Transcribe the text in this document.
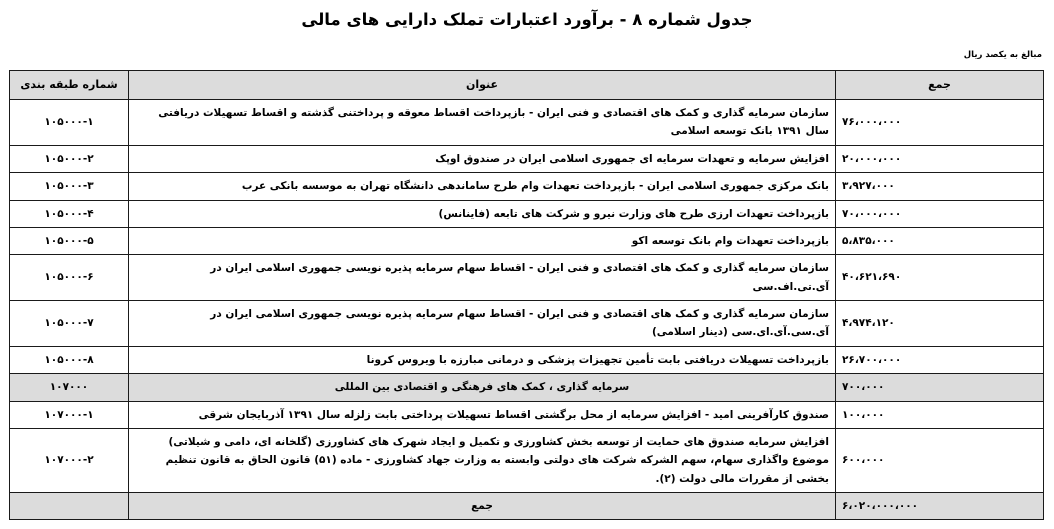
جدول شماره ۸ - برآورد اعتبارات تملک دارایی های مالی
مبالغ به یکصد ریال
جمع	عنوان	شماره طبقه بندی
۷۶،۰۰۰،۰۰۰	سازمان سرمایه گذاری و کمک های اقتصادی و فنی ایران - بازپرداخت اقساط معوقه و پرداختنی گذشته و اقساط تسهیلات دریافتی سال ۱۳۹۱ بانک توسعه اسلامی	۱۰۵۰۰۰-۱
۲۰،۰۰۰،۰۰۰	افزایش سرمایه و تعهدات سرمایه ای جمهوری اسلامی ایران در صندوق اوپک	۱۰۵۰۰۰-۲
۳،۹۲۷،۰۰۰	بانک مرکزی جمهوری اسلامی ایران - بازپرداخت تعهدات وام طرح ساماندهی دانشگاه تهران به موسسه بانکی عرب	۱۰۵۰۰۰-۳
۷۰،۰۰۰،۰۰۰	بازپرداخت تعهدات ارزی طرح های وزارت نیرو و شرکت های تابعه (فاینانس)	۱۰۵۰۰۰-۴
۵،۸۳۵،۰۰۰	بازپرداخت تعهدات وام بانک توسعه اکو	۱۰۵۰۰۰-۵
۴۰،۶۲۱،۶۹۰	سازمان سرمایه گذاری و کمک های اقتصادی و فنی ایران - اقساط سهام سرمایه پذیره نویسی جمهوری اسلامی ایران در آی.تی.اف.سی	۱۰۵۰۰۰-۶
۴،۹۷۴،۱۲۰	سازمان سرمایه گذاری و کمک های اقتصادی و فنی ایران - اقساط سهام سرمایه پذیره نویسی جمهوری اسلامی ایران در آی.سی.آی.ای.سی (دینار اسلامی)	۱۰۵۰۰۰-۷
۲۶،۷۰۰،۰۰۰	بازپرداخت تسهیلات دریافتی بابت تأمین تجهیزات پزشکی و درمانی مبارزه با ویروس کرونا	۱۰۵۰۰۰-۸
۷۰۰،۰۰۰	سرمایه گذاری ، کمک های فرهنگی و اقتصادی بین المللی	۱۰۷۰۰۰
۱۰۰،۰۰۰	صندوق کارآفرینی امید - افزایش سرمایه از محل برگشتی اقساط تسهیلات پرداختی بابت زلزله سال ۱۳۹۱ آذربایجان شرقی	۱۰۷۰۰۰-۱
۶۰۰،۰۰۰	افزایش سرمایه صندوق های حمایت از توسعه بخش کشاورزی و تکمیل و ایجاد شهرک های کشاورزی (گلخانه ای، دامی و شیلاتی) موضوع واگذاری سهام، سهم الشرکه شرکت های دولتی وابسته به وزارت جهاد کشاورزی - ماده (۵۱) قانون الحاق به قانون تنظیم بخشی از مقررات مالی دولت (۲).	۱۰۷۰۰۰-۲
۶،۰۲۰،۰۰۰،۰۰۰	جمع	
